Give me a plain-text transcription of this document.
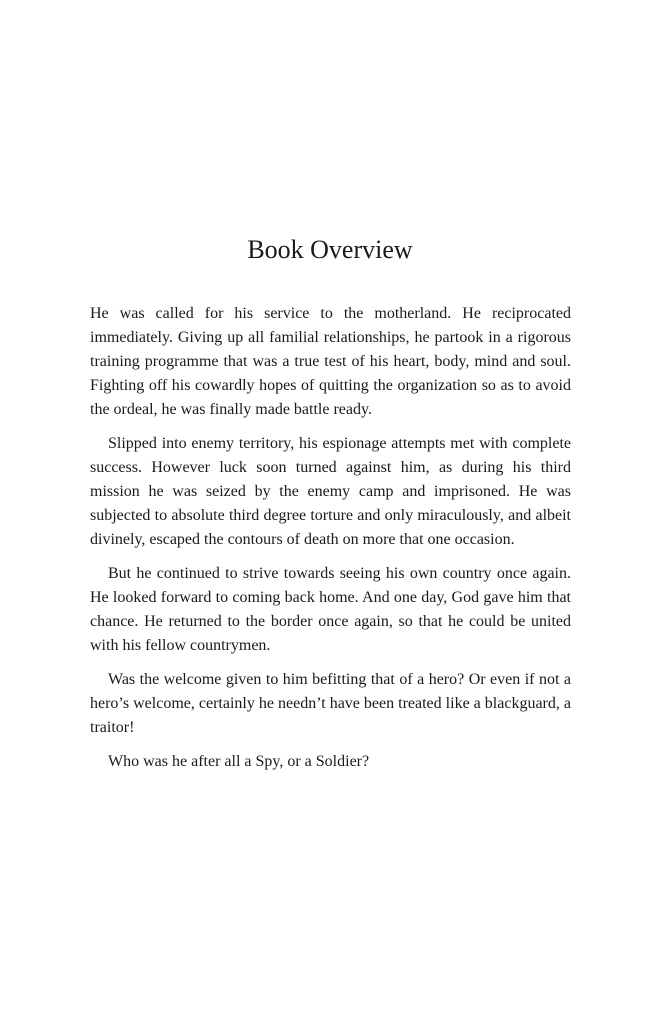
Book Overview

He was called for his service to the motherland. He reciprocated immediately. Giving up all familial relationships, he partook in a rigorous training programme that was a true test of his heart, body, mind and soul. Fighting off his cowardly hopes of quitting the organization so as to avoid the ordeal, he was finally made battle ready.

Slipped into enemy territory, his espionage attempts met with complete success. However luck soon turned against him, as during his third mission he was seized by the enemy camp and imprisoned. He was subjected to absolute third degree torture and only miraculously, and albeit divinely, escaped the contours of death on more that one occasion.

But he continued to strive towards seeing his own country once again. He looked forward to coming back home. And one day, God gave him that chance. He returned to the border once again, so that he could be united with his fellow countrymen.

Was the welcome given to him befitting that of a hero? Or even if not a hero’s welcome, certainly he needn’t have been treated like a blackguard, a traitor!

Who was he after all a Spy, or a Soldier?
